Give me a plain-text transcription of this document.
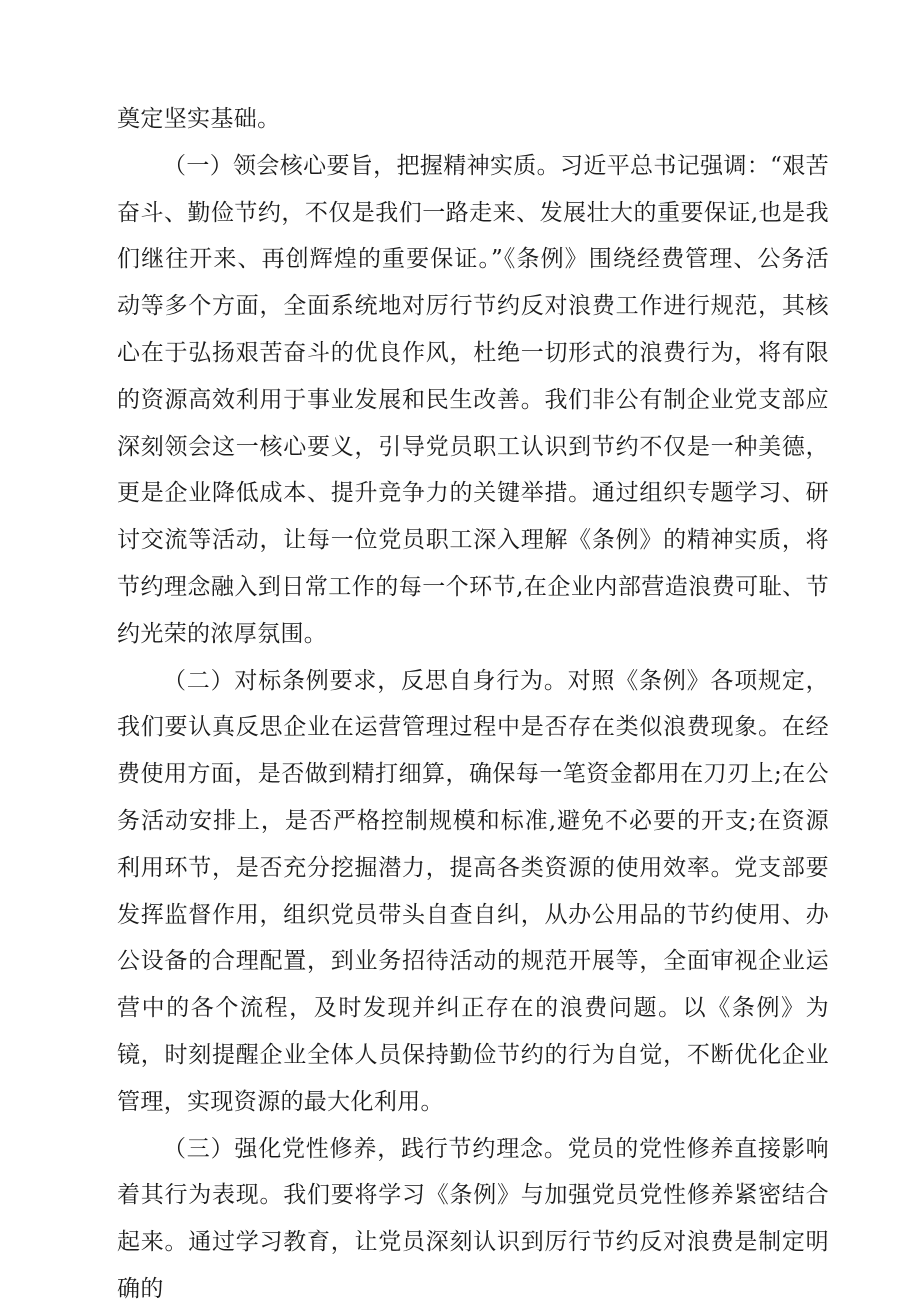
奠定坚实基础。

（一）领会核心要旨，把握精神实质。习近平总书记强调：“艰苦奋斗、勤俭节约，不仅是我们一路走来、发展壮大的重要保证,也是我们继往开来、再创辉煌的重要保证。”《条例》围绕经费管理、公务活动等多个方面，全面系统地对厉行节约反对浪费工作进行规范，其核心在于弘扬艰苦奋斗的优良作风，杜绝一切形式的浪费行为，将有限的资源高效利用于事业发展和民生改善。我们非公有制企业党支部应深刻领会这一核心要义，引导党员职工认识到节约不仅是一种美德，更是企业降低成本、提升竞争力的关键举措。通过组织专题学习、研讨交流等活动，让每一位党员职工深入理解《条例》的精神实质，将节约理念融入到日常工作的每一个环节,在企业内部营造浪费可耻、节约光荣的浓厚氛围。

（二）对标条例要求，反思自身行为。对照《条例》各项规定，我们要认真反思企业在运营管理过程中是否存在类似浪费现象。在经费使用方面，是否做到精打细算，确保每一笔资金都用在刀刃上;在公务活动安排上，是否严格控制规模和标准,避免不必要的开支;在资源利用环节，是否充分挖掘潜力，提高各类资源的使用效率。党支部要发挥监督作用，组织党员带头自查自纠，从办公用品的节约使用、办公设备的合理配置，到业务招待活动的规范开展等，全面审视企业运营中的各个流程，及时发现并纠正存在的浪费问题。以《条例》为镜，时刻提醒企业全体人员保持勤俭节约的行为自觉，不断优化企业管理，实现资源的最大化利用。

（三）强化党性修养，践行节约理念。党员的党性修养直接影响着其行为表现。我们要将学习《条例》与加强党员党性修养紧密结合起来。通过学习教育，让党员深刻认识到厉行节约反对浪费是制定明确的
